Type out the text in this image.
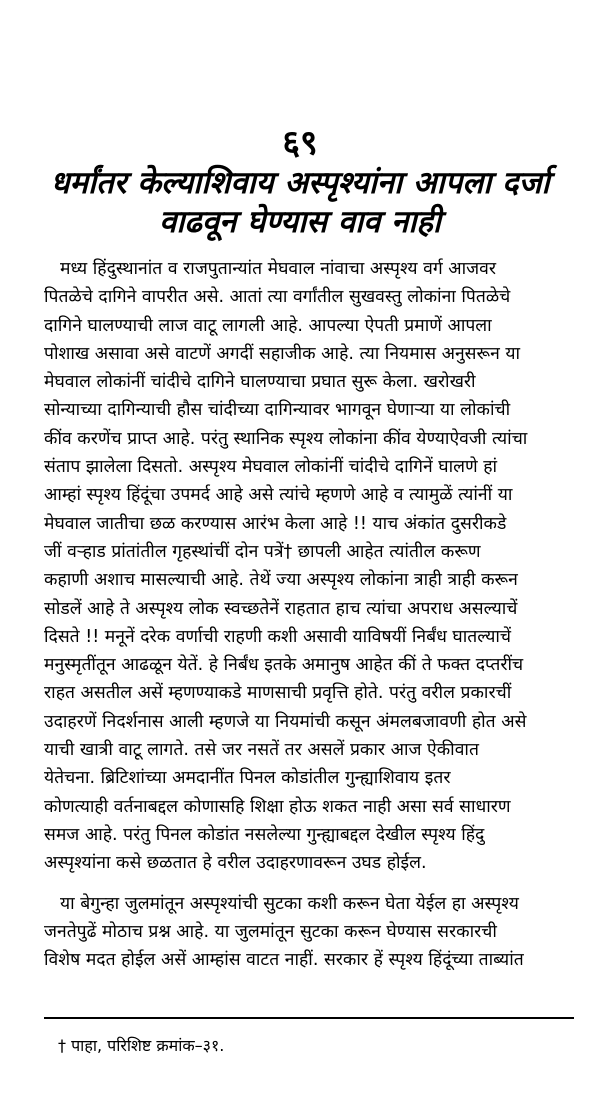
६९
धर्मांतर केल्याशिवाय अस्पृश्यांना आपला दर्जा
वाढवून घेण्यास वाव नाही
मध्य हिंदुस्थानांत व राजपुतान्यांत मेघवाल नांवाचा अस्पृश्य वर्ग आजवर
पितळेचे दागिने वापरीत असे. आतां त्या वर्गांतील सुखवस्तु लोकांना पितळेचे
दागिने घालण्याची लाज वाटू लागली आहे. आपल्या ऐपती प्रमाणें आपला
पोशाख असावा असे वाटणें अगदीं सहाजीक आहे. त्या नियमास अनुसरून या
मेघवाल लोकांनीं चांदीचे दागिने घालण्याचा प्रघात सुरू केला. खरोखरी
सोन्याच्या दागिन्याची हौस चांदीच्या दागिन्यावर भागवून घेणाऱ्या या लोकांची
कींव करणेंच प्राप्त आहे. परंतु स्थानिक स्पृश्य लोकांना कींव येण्याऐवजी त्यांचा
संताप झालेला दिसतो. अस्पृश्य मेघवाल लोकांनीं चांदीचे दागिनें घालणे हां
आम्हां स्पृश्य हिंदूंचा उपमर्द आहे असे त्यांचे म्हणणे आहे व त्यामुळें त्यांनीं या
मेघवाल जातीचा छळ करण्यास आरंभ केला आहे !! याच अंकांत दुसरीकडे
जीं वऱ्हाड प्रांतांतील गृहस्थांचीं दोन पत्रें† छापली आहेत त्यांतील करूण
कहाणी अशाच मासल्याची आहे. तेथें ज्या अस्पृश्य लोकांना त्राही त्राही करून
सोडलें आहे ते अस्पृश्य लोक स्वच्छतेनें राहतात हाच त्यांचा अपराध असल्याचें
दिसते !! मनूनें दरेक वर्णाची राहणी कशी असावी याविषयीं निर्बंध घातल्याचें
मनुस्मृतींतून आढळून येतें. हे निर्बंध इतके अमानुष आहेत कीं ते फक्त दप्तरींच
राहत असतील असें म्हणण्याकडे माणसाची प्रवृत्ति होते. परंतु वरील प्रकारचीं
उदाहरणें निदर्शनास आली म्हणजे या नियमांची कसून अंमलबजावणी होत असे
याची खात्री वाटू लागते. तसे जर नसतें तर असलें प्रकार आज ऐकीवात
येतेचना. ब्रिटिशांच्या अमदानींत पिनल कोडांतील गुन्ह्याशिवाय इतर
कोणत्याही वर्तनाबद्दल कोणासहि शिक्षा होऊ शकत नाही असा सर्व साधारण
समज आहे. परंतु पिनल कोडांत नसलेल्या गुन्ह्याबद्दल देखील स्पृश्य हिंदु
अस्पृश्यांना कसे छळतात हे वरील उदाहरणावरून उघड होईल.
या बेगुन्हा जुलमांतून अस्पृश्यांची सुटका कशी करून घेता येईल हा अस्पृश्य
जनतेपुढें मोठाच प्रश्न आहे. या जुलमांतून सुटका करून घेण्यास सरकारची
विशेष मदत होईल असें आम्हांस वाटत नाहीं. सरकार हें स्पृश्य हिंदूंच्या ताब्यांत
† पाहा, परिशिष्ट क्रमांक–३१.
